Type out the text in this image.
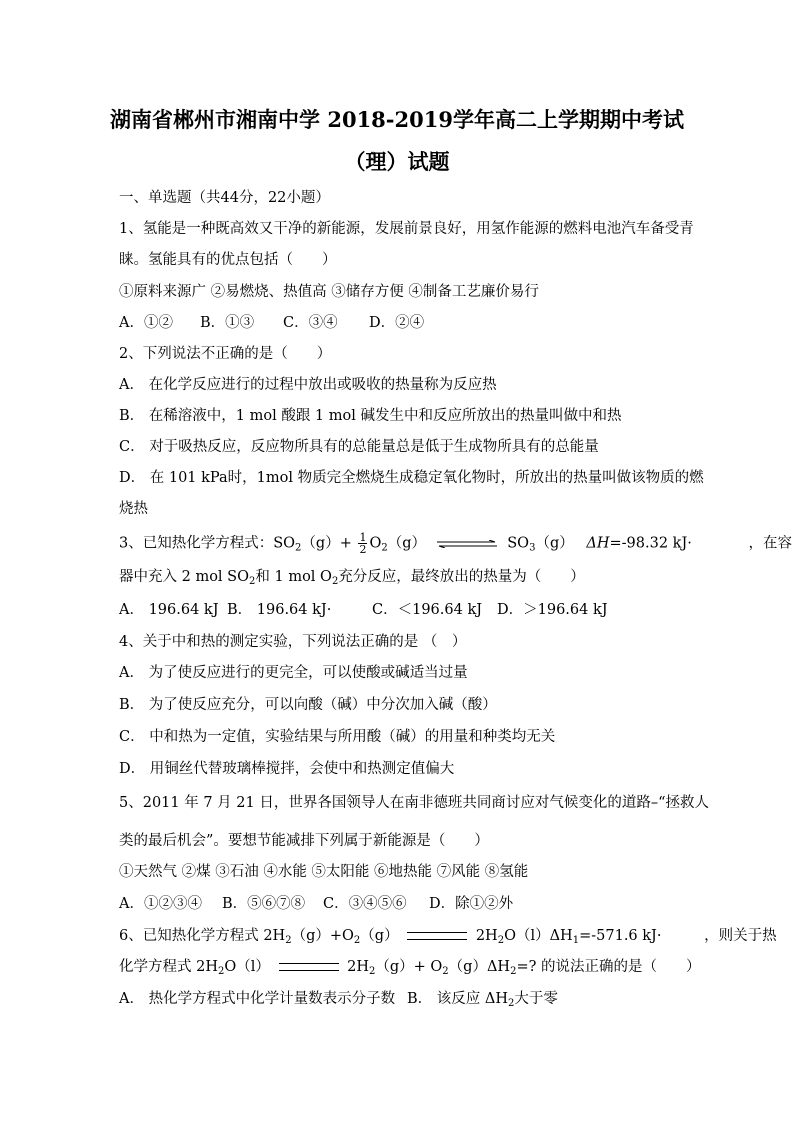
湖南省郴州市湘南中学 2018-2019学年高二上学期期中考试
（理）试题
一、单选题（共44分，22小题）
1、氢能是一种既高效又干净的新能源，发展前景良好，用氢作能源的燃料电池汽车备受青
睐。氢能具有的优点包括（　　）
①原料来源广 ②易燃烧、热值高 ③储存方便 ④制备工艺廉价易行
A．①② B．①③ C．③④ D．②④
2、下列说法不正确的是（　　）
A． 在化学反应进行的过程中放出或吸收的热量称为反应热
B． 在稀溶液中，1 mol 酸跟 1 mol 碱发生中和反应所放出的热量叫做中和热
C． 对于吸热反应，反应物所具有的总能量总是低于生成物所具有的总能量
D． 在 101 kPa时，1mol 物质完全燃烧生成稳定氧化物时，所放出的热量叫做该物质的燃
烧热
3、已知热化学方程式：$SO_2(g)+ \frac{1}{2} O_2(g)$	$SO_3(g)$ ΔH=-98.32 kJ·	，在容
器中充入 2 mol $SO_2$和 1 mol $O_2$充分反应，最终放出的热量为（　　）
A． 196.64 kJ B． 196.64 kJ·	C．＜196.64 kJ D．＞196.64 kJ
4、关于中和热的测定实验，下列说法正确的是 （　）
A． 为了使反应进行的更完全，可以使酸或碱适当过量
B． 为了使反应充分，可以向酸（碱）中分次加入碱（酸）
C． 中和热为一定值，实验结果与所用酸（碱）的用量和种类均无关
D． 用铜丝代替玻璃棒搅拌，会使中和热测定值偏大
5、2011 年 7 月 21 日，世界各国领导人在南非德班共同商讨应对气候变化的道路–“拯救人
类的最后机会”。要想节能减排下列属于新能源是（　　）
①天然气 ②煤 ③石油 ④水能 ⑤太阳能 ⑥地热能 ⑦风能 ⑧氢能
A．①②③④ B．⑤⑥⑦⑧ C．③④⑤⑥ D．除①②外
6、已知热化学方程式 $2H_2(g)+O_2(g)$	$2H_2O(l)\Delta H_1=-571.6$ kJ·	，则关于热
化学方程式 $2H_2O(l)$	$2H_2(g)+ O_2(g)\Delta H_2=$? 的说法正确的是（　　）
A． 热化学方程式中化学计量数表示分子数 B． 该反应 $\Delta H_2$大于零
